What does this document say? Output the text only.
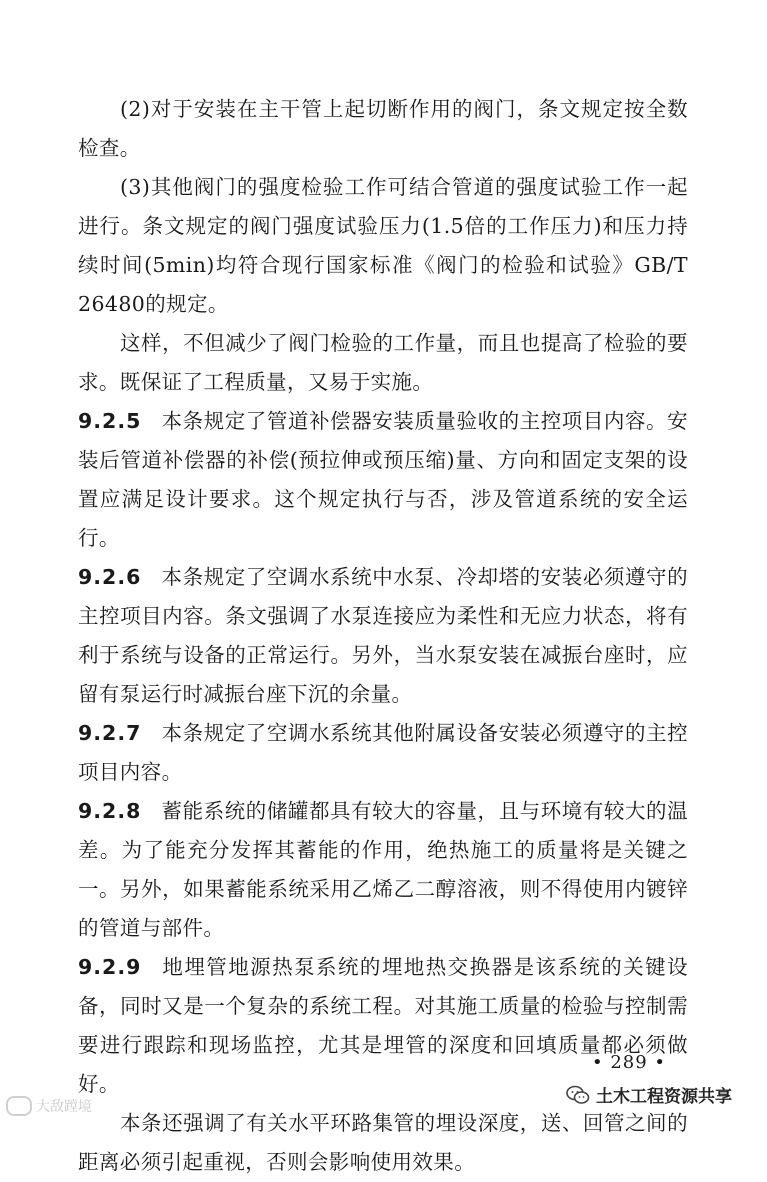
(2)对于安装在主干管上起切断作用的阀门，条文规定按全数检查。

(3)其他阀门的强度检验工作可结合管道的强度试验工作一起进行。条文规定的阀门强度试验压力(1.5倍的工作压力)和压力持续时间(5min)均符合现行国家标准《阀门的检验和试验》GB/T 26480的规定。

这样，不但减少了阀门检验的工作量，而且也提高了检验的要求。既保证了工程质量，又易于实施。

9.2.5 本条规定了管道补偿器安装质量验收的主控项目内容。安装后管道补偿器的补偿(预拉伸或预压缩)量、方向和固定支架的设置应满足设计要求。这个规定执行与否，涉及管道系统的安全运行。

9.2.6 本条规定了空调水系统中水泵、冷却塔的安装必须遵守的主控项目内容。条文强调了水泵连接应为柔性和无应力状态，将有利于系统与设备的正常运行。另外，当水泵安装在减振台座时，应留有泵运行时减振台座下沉的余量。

9.2.7 本条规定了空调水系统其他附属设备安装必须遵守的主控项目内容。

9.2.8 蓄能系统的储罐都具有较大的容量，且与环境有较大的温差。为了能充分发挥其蓄能的作用，绝热施工的质量将是关键之一。另外，如果蓄能系统采用乙烯乙二醇溶液，则不得使用内镀锌的管道与部件。

9.2.9 地埋管地源热泵系统的埋地热交换器是该系统的关键设备，同时又是一个复杂的系统工程。对其施工质量的检验与控制需要进行跟踪和现场监控，尤其是埋管的深度和回填质量都必须做好。

本条还强调了有关水平环路集管的埋设深度，送、回管之间的距离必须引起重视，否则会影响使用效果。

• 289 •
土木工程资源共享
大敌蹚境
